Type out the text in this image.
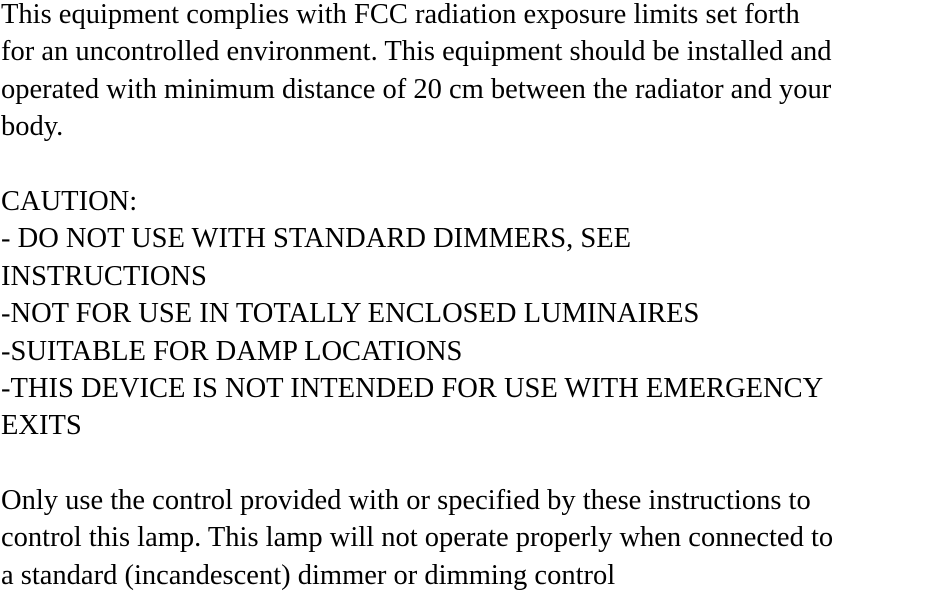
This equipment complies with FCC radiation exposure limits set forth
for an uncontrolled environment. This equipment should be installed and
operated with minimum distance of 20 cm between the radiator and your
body.
CAUTION:
- DO NOT USE WITH STANDARD DIMMERS, SEE
INSTRUCTIONS
-NOT FOR USE IN TOTALLY ENCLOSED LUMINAIRES
-SUITABLE FOR DAMP LOCATIONS
-THIS DEVICE IS NOT INTENDED FOR USE WITH EMERGENCY
EXITS
Only use the control provided with or specified by these instructions to
control this lamp. This lamp will not operate properly when connected to
a standard (incandescent) dimmer or dimming control
